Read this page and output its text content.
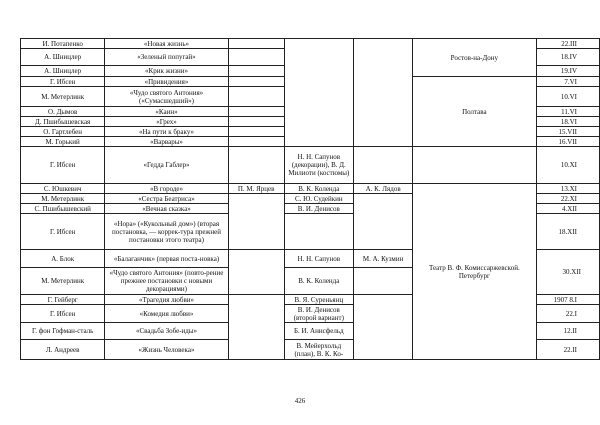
И. Потапенко	«Новая жизнь»				Ростов-на-Дону	22.III
А. Шницлер	«Зеленый попугай»					18.IV
А. Шницлер	«Крик жизни»					19.IV
Г. Ибсен	«Привидения»				Полтава	7.VI
М. Метерлинк	«Чудо святого Антония» («Сумасшедший»)					10.VI
О. Дымов	«Каин»					11.VI
Д. Пшибышевская	«Грех»					18.VI
О. Гартлебен	«На пути к браку»					15.VII
М. Горький	«Варвары»					16.VII
Г. Ибсен	«Гедда Габлер»		Н. Н. Сапунов (декорации), В. Д. Милиоти (костюмы)			10.XI
С. Юшкевич	«В городе»	П. М. Ярцев	В. К. Коленда	А. К. Лядов	Театр В. Ф. Комиссаржевской. Петербург	13.XI
М. Метерлинк	«Сестра Беатриса»		С. Ю. Судейкин			22.XI
С. Пшибышевский	«Вечная сказка»		В. И. Денисов			4.XII
Г. Ибсен	«Нора» («Кукольный дом») (вторая постановка, — коррек-тура прежней постановки этого театра)					18.XII
А. Блок	«Балаганчик» (первая поста-новка)		Н. Н. Сапунов	М. А. Кузмин		30.XII
М. Метерлинк	«Чудо святого Антония» (повто-рение прежнее постановки с новыми декорациями)		В. К. Коленда			
Г. Гейберг	«Трагедия любви»		В. Я. Суреньянц			1907 8.I
Г. Ибсен	«Комедия любви»		В. И. Денисов (второй вариант)			22.I
Г. фон Гофман-сталь	«Свадьба Зобе-иды»		Б. И. Анисфельд			12.II
Л. Андреев	«Жизнь Человека»		В. Мейерхольд (план), В. К. Ко-			22.II
426
